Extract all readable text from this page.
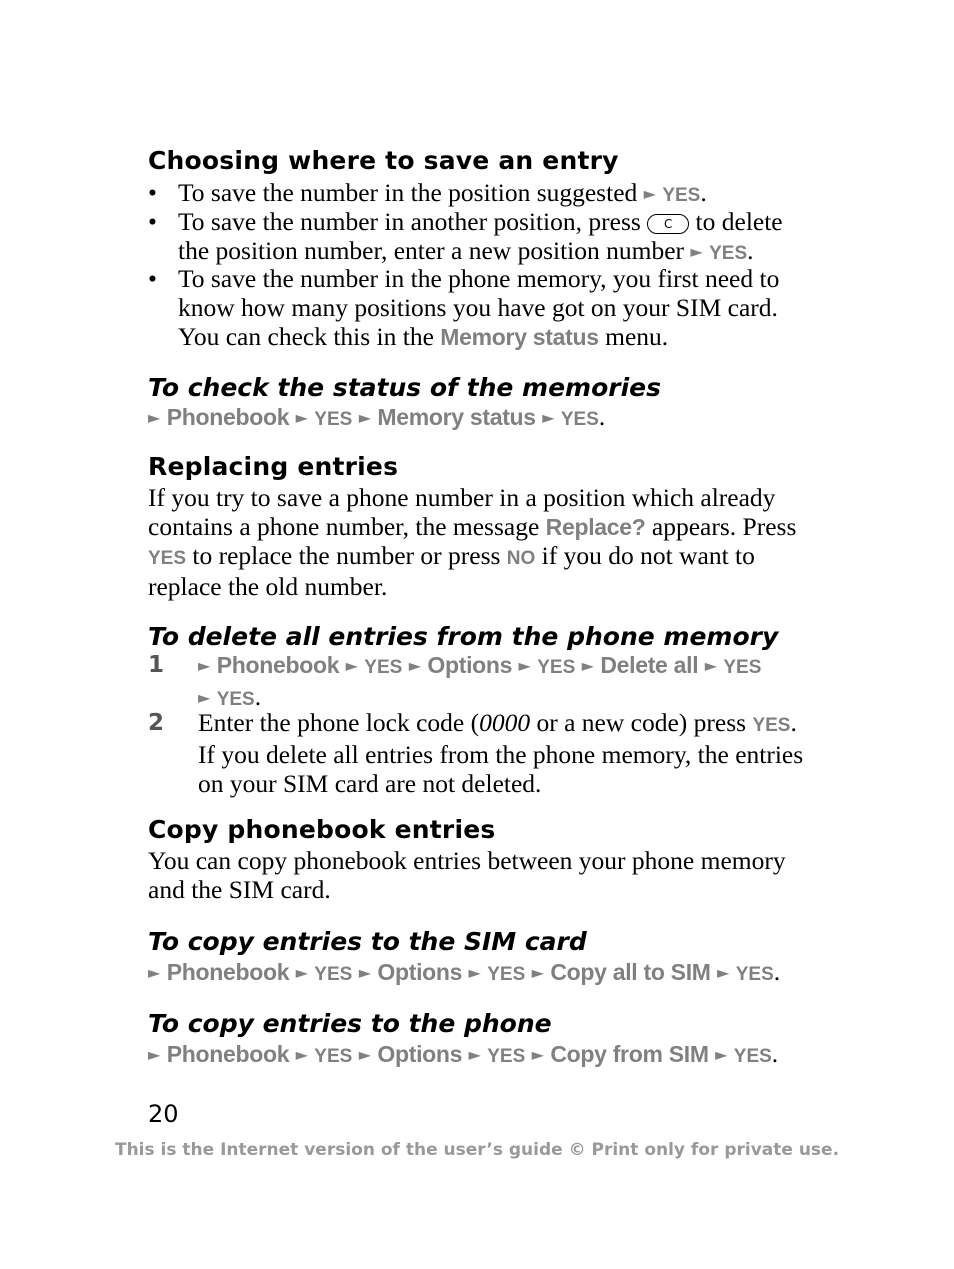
Choosing where to save an entry
• To save the number in the position suggested ► YES.
• To save the number in another position, press C to delete the position number, enter a new position number ► YES.
• To save the number in the phone memory, you first need to know how many positions you have got on your SIM card. You can check this in the Memory status menu.
To check the status of the memories
► Phonebook ► YES ► Memory status ► YES.
Replacing entries
If you try to save a phone number in a position which already contains a phone number, the message Replace? appears. Press YES to replace the number or press NO if you do not want to replace the old number.
To delete all entries from the phone memory
1 ► Phonebook ► YES ► Options ► YES ► Delete all ► YES
► YES.
2 Enter the phone lock code (0000 or a new code) press YES. If you delete all entries from the phone memory, the entries on your SIM card are not deleted.
Copy phonebook entries
You can copy phonebook entries between your phone memory and the SIM card.
To copy entries to the SIM card
► Phonebook ► YES ► Options ► YES ► Copy all to SIM ► YES.
To copy entries to the phone
► Phonebook ► YES ► Options ► YES ► Copy from SIM ► YES.
20
This is the Internet version of the user’s guide © Print only for private use.
